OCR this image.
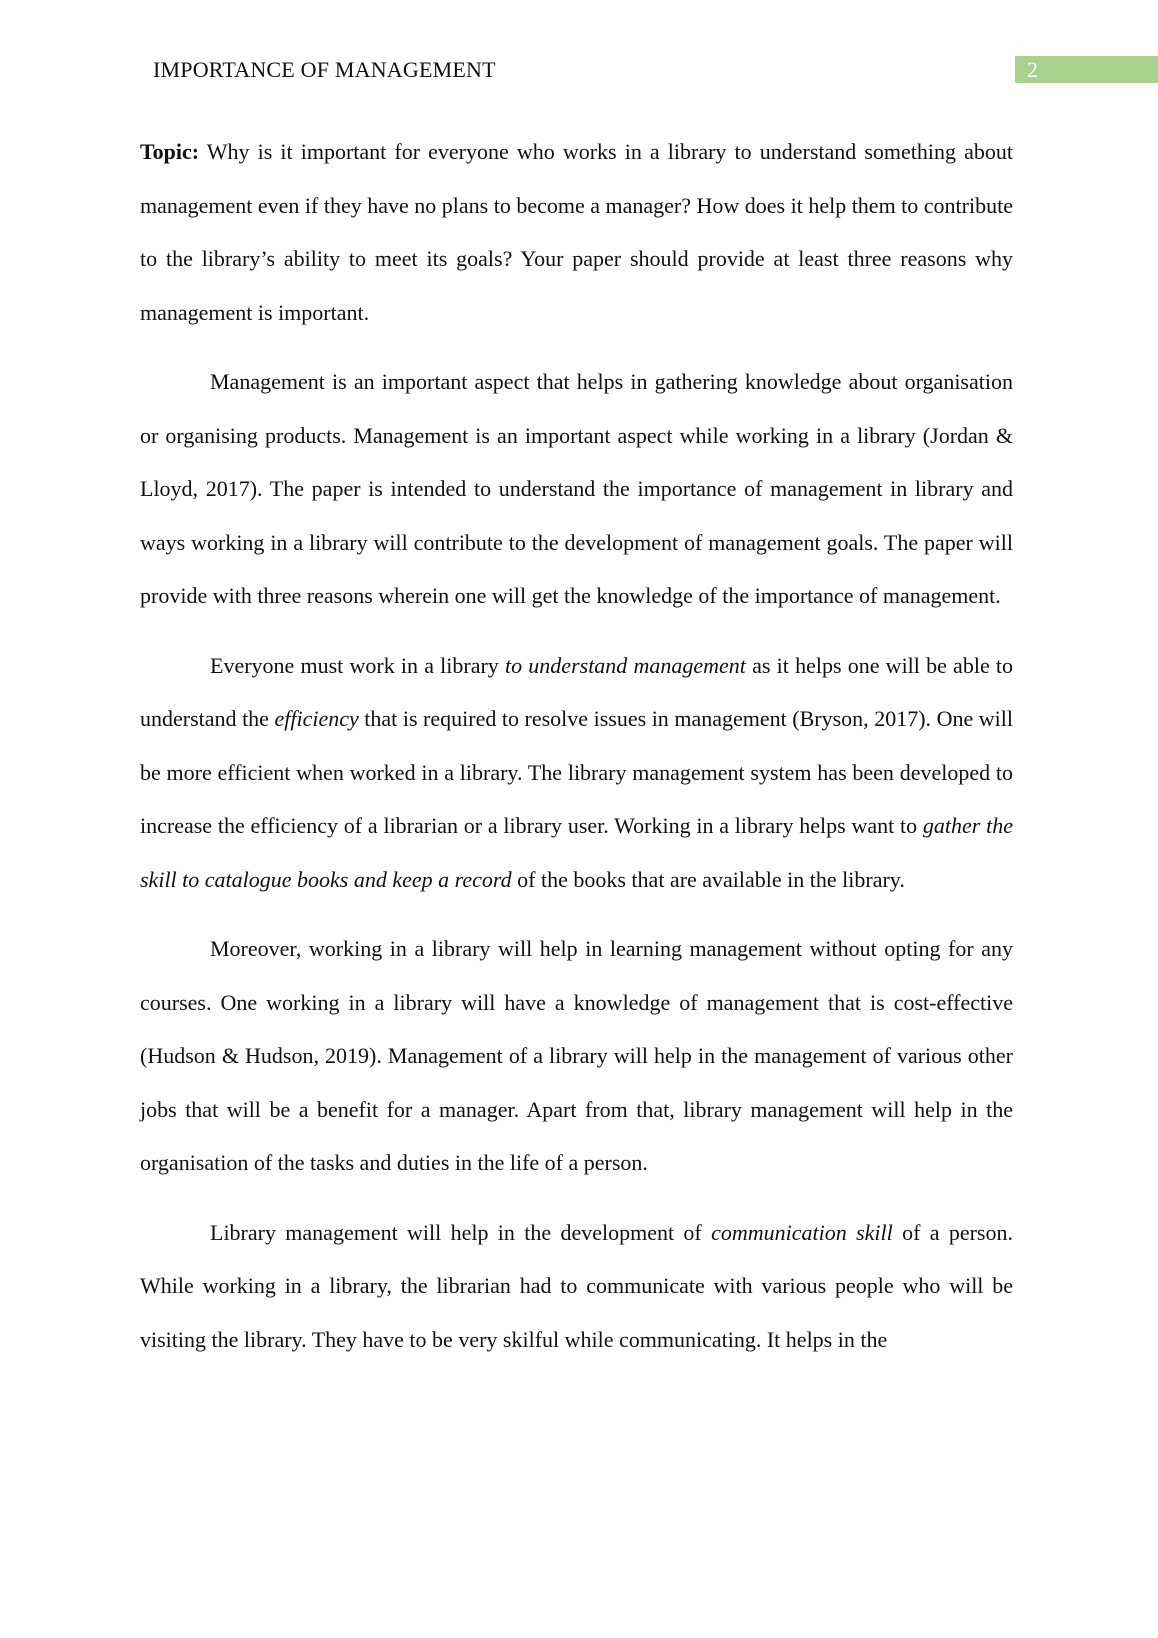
IMPORTANCE OF MANAGEMENT	2

Topic: Why is it important for everyone who works in a library to understand something about management even if they have no plans to become a manager? How does it help them to contribute to the library’s ability to meet its goals? Your paper should provide at least three reasons why management is important.

Management is an important aspect that helps in gathering knowledge about organisation or organising products. Management is an important aspect while working in a library (Jordan & Lloyd, 2017). The paper is intended to understand the importance of management in library and ways working in a library will contribute to the development of management goals. The paper will provide with three reasons wherein one will get the knowledge of the importance of management.

Everyone must work in a library to understand management as it helps one will be able to understand the efficiency that is required to resolve issues in management (Bryson, 2017). One will be more efficient when worked in a library. The library management system has been developed to increase the efficiency of a librarian or a library user. Working in a library helps want to gather the skill to catalogue books and keep a record of the books that are available in the library.

Moreover, working in a library will help in learning management without opting for any courses. One working in a library will have a knowledge of management that is cost-effective (Hudson & Hudson, 2019). Management of a library will help in the management of various other jobs that will be a benefit for a manager. Apart from that, library management will help in the organisation of the tasks and duties in the life of a person.

Library management will help in the development of communication skill of a person. While working in a library, the librarian had to communicate with various people who will be visiting the library. They have to be very skilful while communicating. It helps in the
